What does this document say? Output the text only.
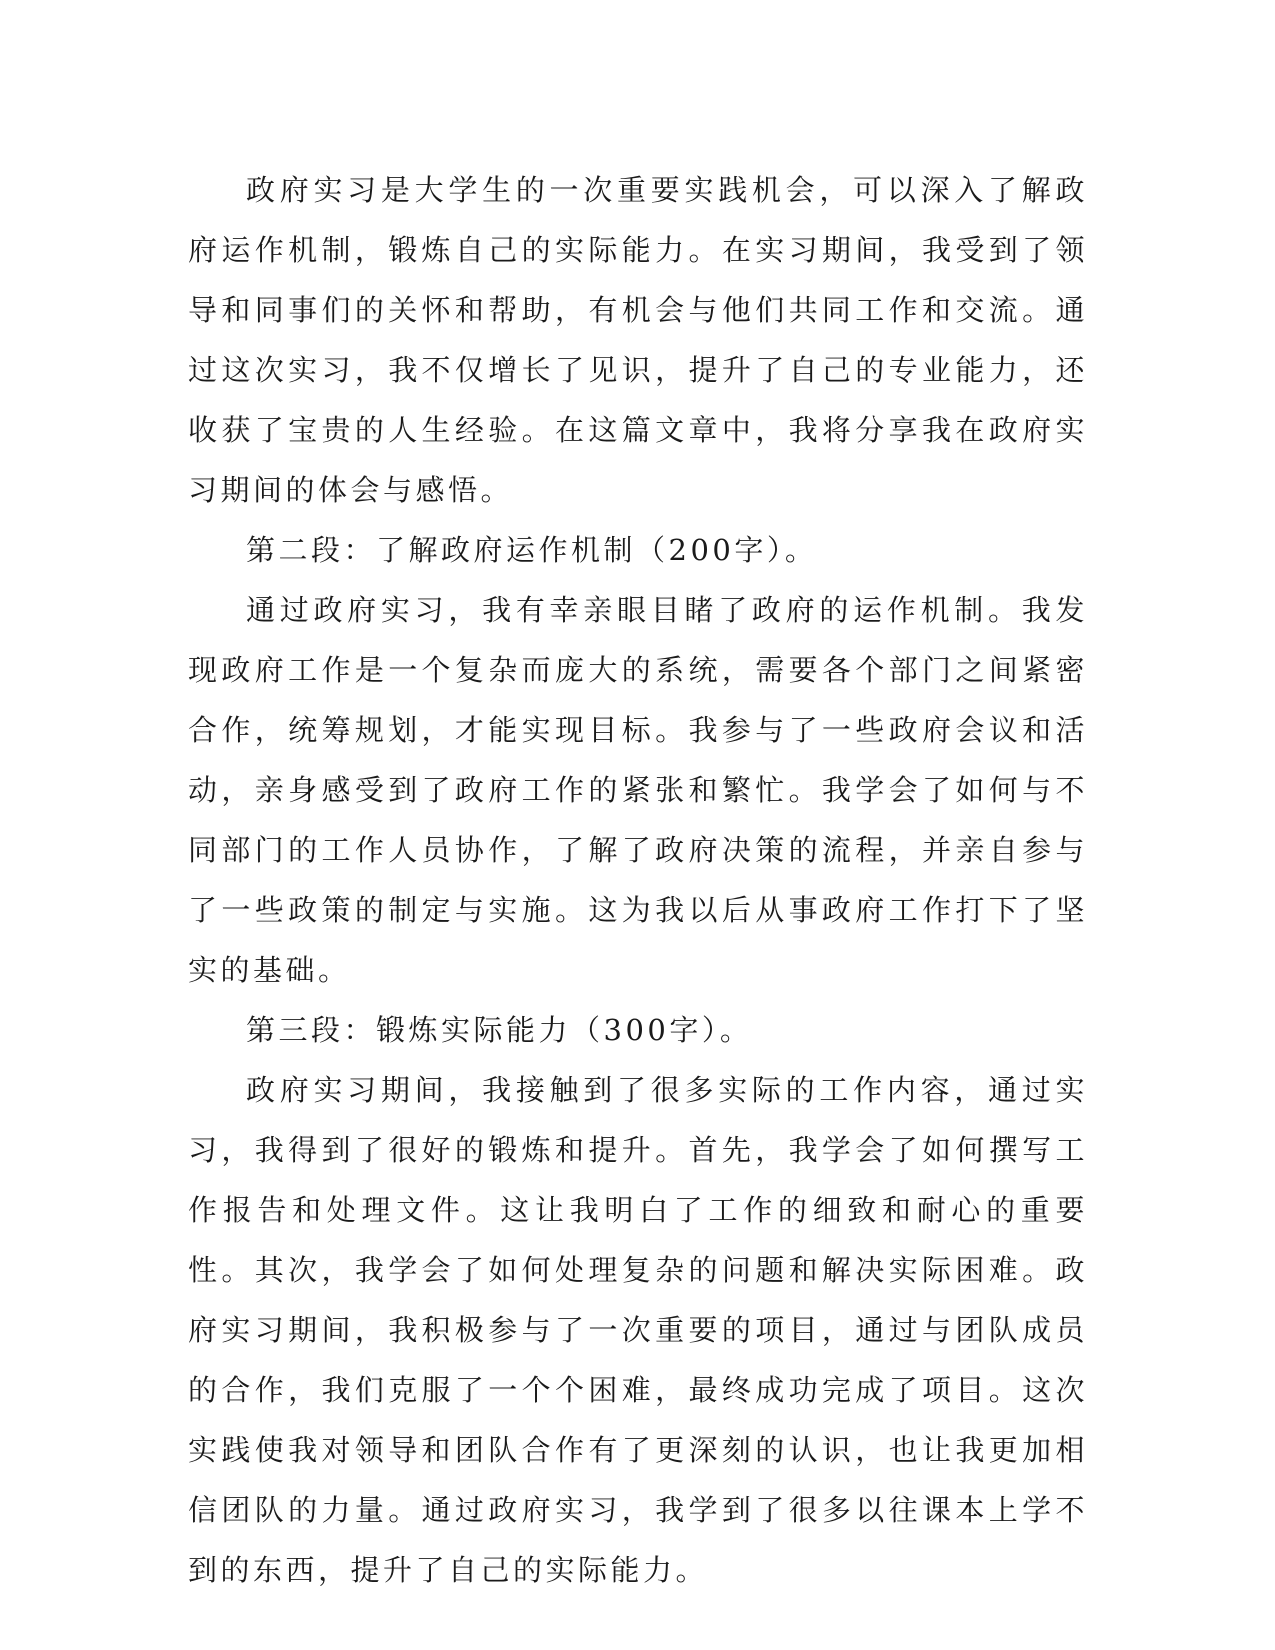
政府实习是大学生的一次重要实践机会，可以深入了解政府运作机制，锻炼自己的实际能力。在实习期间，我受到了领导和同事们的关怀和帮助，有机会与他们共同工作和交流。通过这次实习，我不仅增长了见识，提升了自己的专业能力，还收获了宝贵的人生经验。在这篇文章中，我将分享我在政府实习期间的体会与感悟。

第二段：了解政府运作机制（200字）。

通过政府实习，我有幸亲眼目睹了政府的运作机制。我发现政府工作是一个复杂而庞大的系统，需要各个部门之间紧密合作，统筹规划，才能实现目标。我参与了一些政府会议和活动，亲身感受到了政府工作的紧张和繁忙。我学会了如何与不同部门的工作人员协作，了解了政府决策的流程，并亲自参与了一些政策的制定与实施。这为我以后从事政府工作打下了坚实的基础。

第三段：锻炼实际能力（300字）。

政府实习期间，我接触到了很多实际的工作内容，通过实习，我得到了很好的锻炼和提升。首先，我学会了如何撰写工作报告和处理文件。这让我明白了工作的细致和耐心的重要性。其次，我学会了如何处理复杂的问题和解决实际困难。政府实习期间，我积极参与了一次重要的项目，通过与团队成员的合作，我们克服了一个个困难，最终成功完成了项目。这次实践使我对领导和团队合作有了更深刻的认识，也让我更加相信团队的力量。通过政府实习，我学到了很多以往课本上学不到的东西，提升了自己的实际能力。
